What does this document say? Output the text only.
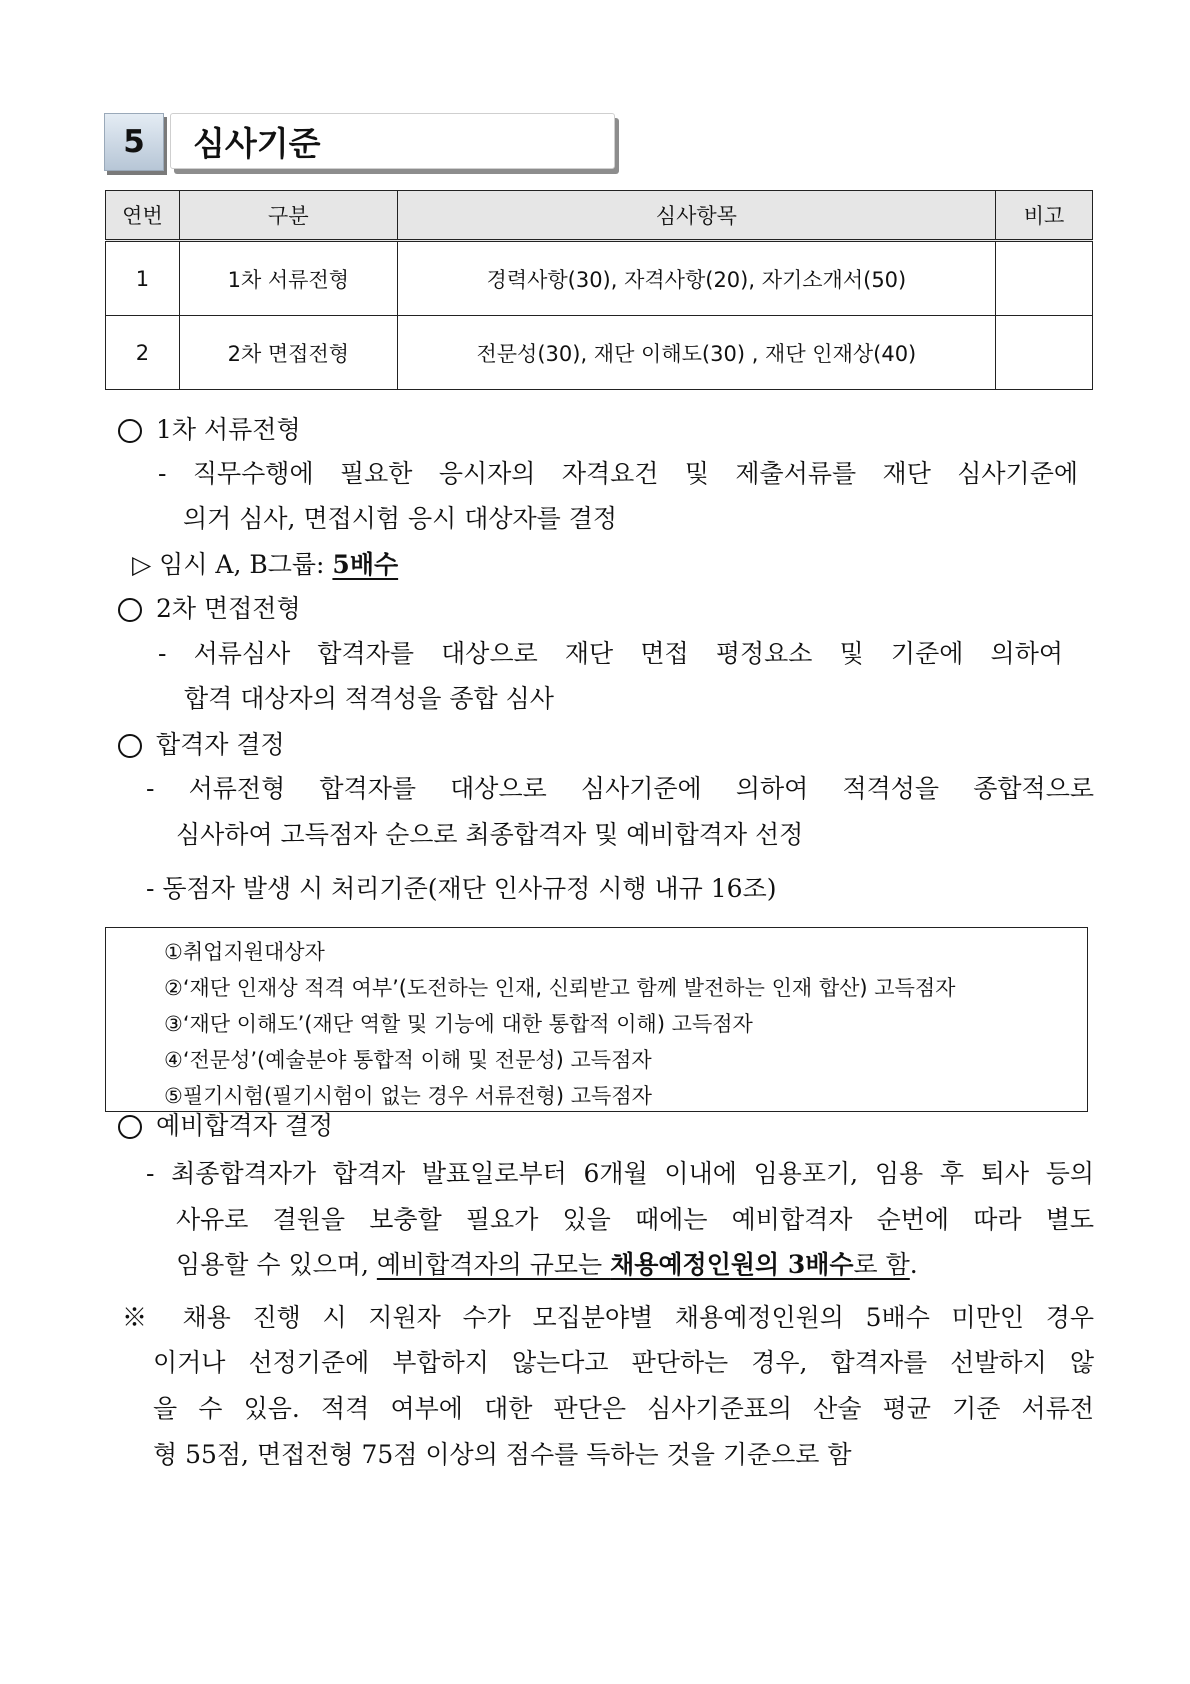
5	심사기준
연번	구분	심사항목	비고
1	1차 서류전형	경력사항(30), 자격사항(20), 자기소개서(50)	
2	2차 면접전형	전문성(30), 재단 이해도(30) , 재단 인재상(40)	
1차 서류전형
- 직무수행에 필요한 응시자의 자격요건 및 제출서류를 재단 심사기준에
의거 심사, 면접시험 응시 대상자를 결정
▷ 임시 A, B그룹: 5배수
2차 면접전형
- 서류심사 합격자를 대상으로 재단 면접 평정요소 및 기준에 의하여
합격 대상자의 적격성을 종합 심사
합격자 결정
- 서류전형 합격자를 대상으로 심사기준에 의하여 적격성을 종합적으로
심사하여 고득점자 순으로 최종합격자 및 예비합격자 선정
- 동점자 발생 시 처리기준(재단 인사규정 시행 내규 16조)
①취업지원대상자
②‘재단 인재상 적격 여부’(도전하는 인재, 신뢰받고 함께 발전하는 인재 합산) 고득점자
③‘재단 이해도’(재단 역할 및 기능에 대한 통합적 이해) 고득점자
④‘전문성’(예술분야 통합적 이해 및 전문성) 고득점자
⑤필기시험(필기시험이 없는 경우 서류전형) 고득점자
예비합격자 결정
- 최종합격자가 합격자 발표일로부터 6개월 이내에 임용포기, 임용 후 퇴사 등의
사유로 결원을 보충할 필요가 있을 때에는 예비합격자 순번에 따라 별도
임용할 수 있으며, 예비합격자의 규모는 채용예정인원의 3배수로 함.
※ 채용 진행 시 지원자 수가 모집분야별 채용예정인원의 5배수 미만인 경우
이거나 선정기준에 부합하지 않는다고 판단하는 경우, 합격자를 선발하지 않
을 수 있음. 적격 여부에 대한 판단은 심사기준표의 산술 평균 기준 서류전
형 55점, 면접전형 75점 이상의 점수를 득하는 것을 기준으로 함
